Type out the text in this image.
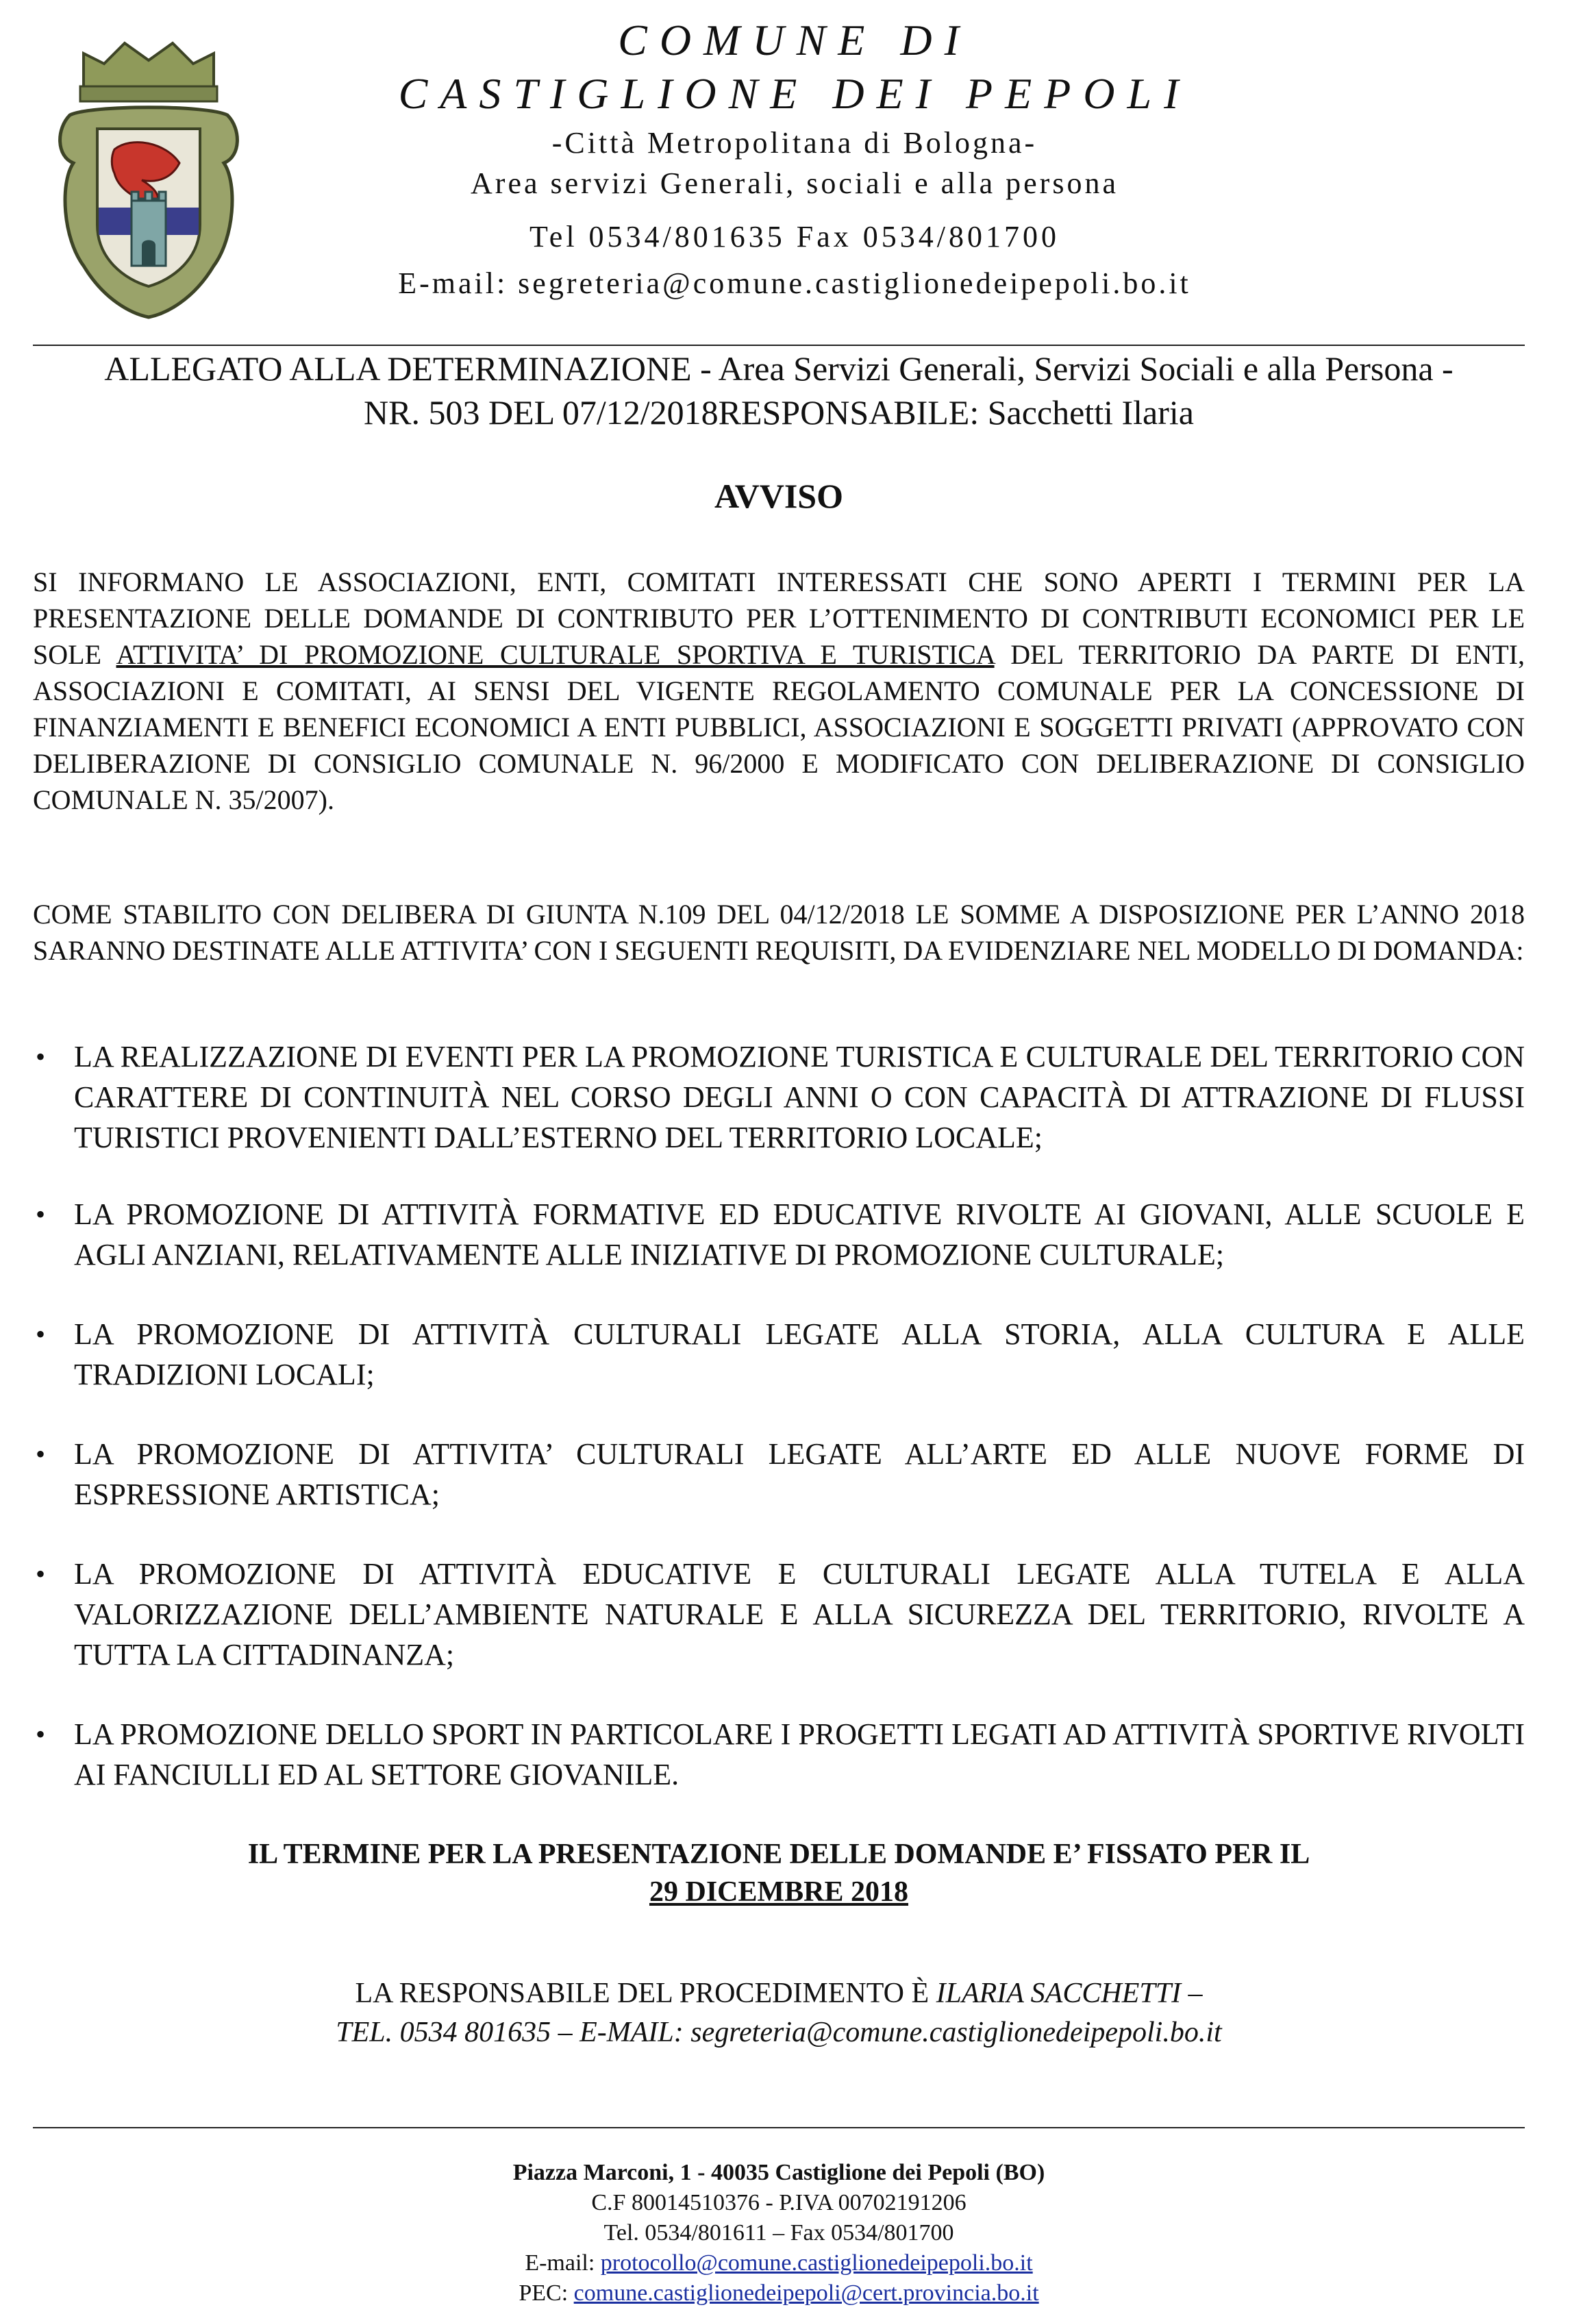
COMUNE DI
CASTIGLIONE DEI PEPOLI
-Città Metropolitana di Bologna-
Area servizi Generali, sociali e alla persona
Tel 0534/801635 Fax 0534/801700
E-mail: segreteria@comune.castiglionedeipepoli.bo.it
ALLEGATO ALLA DETERMINAZIONE - Area Servizi Generali, Servizi Sociali e alla Persona -
NR. 503 DEL 07/12/2018RESPONSABILE: Sacchetti Ilaria
AVVISO
SI INFORMANO LE ASSOCIAZIONI, ENTI, COMITATI INTERESSATI CHE SONO APERTI I TERMINI PER LA PRESENTAZIONE DELLE DOMANDE DI CONTRIBUTO PER L’OTTENIMENTO DI CONTRIBUTI ECONOMICI PER LE SOLE ATTIVITA’ DI PROMOZIONE CULTURALE SPORTIVA E TURISTICA DEL TERRITORIO DA PARTE DI ENTI, ASSOCIAZIONI E COMITATI, AI SENSI DEL VIGENTE REGOLAMENTO COMUNALE PER LA CONCESSIONE DI FINANZIAMENTI E BENEFICI ECONOMICI A ENTI PUBBLICI, ASSOCIAZIONI E SOGGETTI PRIVATI (APPROVATO CON DELIBERAZIONE DI CONSIGLIO COMUNALE N. 96/2000 E MODIFICATO CON DELIBERAZIONE DI CONSIGLIO COMUNALE N. 35/2007).
COME STABILITO CON DELIBERA DI GIUNTA N.109 DEL 04/12/2018 LE SOMME A DISPOSIZIONE PER L’ANNO 2018 SARANNO DESTINATE ALLE ATTIVITA’ CON I SEGUENTI REQUISITI, DA EVIDENZIARE NEL MODELLO DI DOMANDA:
• LA REALIZZAZIONE DI EVENTI PER LA PROMOZIONE TURISTICA E CULTURALE DEL TERRITORIO CON CARATTERE DI CONTINUITÀ NEL CORSO DEGLI ANNI O CON CAPACITÀ DI ATTRAZIONE DI FLUSSI TURISTICI PROVENIENTI DALL’ESTERNO DEL TERRITORIO LOCALE;
• LA PROMOZIONE DI ATTIVITÀ FORMATIVE ED EDUCATIVE RIVOLTE AI GIOVANI, ALLE SCUOLE E AGLI ANZIANI, RELATIVAMENTE ALLE INIZIATIVE DI PROMOZIONE CULTURALE;
• LA PROMOZIONE DI ATTIVITÀ CULTURALI LEGATE ALLA STORIA, ALLA CULTURA E ALLE TRADIZIONI LOCALI;
• LA PROMOZIONE DI ATTIVITA’ CULTURALI LEGATE ALL’ARTE ED ALLE NUOVE FORME DI ESPRESSIONE ARTISTICA;
• LA PROMOZIONE DI ATTIVITÀ EDUCATIVE E CULTURALI LEGATE ALLA TUTELA E ALLA VALORIZZAZIONE DELL’AMBIENTE NATURALE E ALLA SICUREZZA DEL TERRITORIO, RIVOLTE A TUTTA LA CITTADINANZA;
• LA PROMOZIONE DELLO SPORT IN PARTICOLARE I PROGETTI LEGATI AD ATTIVITÀ SPORTIVE RIVOLTI AI FANCIULLI ED AL SETTORE GIOVANILE.
IL TERMINE PER LA PRESENTAZIONE DELLE DOMANDE E’ FISSATO PER IL
29 DICEMBRE 2018
LA RESPONSABILE DEL PROCEDIMENTO È ILARIA SACCHETTI –
TEL. 0534 801635 – E-MAIL: segreteria@comune.castiglionedeipepoli.bo.it
Piazza Marconi, 1 - 40035 Castiglione dei Pepoli (BO)
C.F 80014510376 - P.IVA 00702191206
Tel. 0534/801611 – Fax 0534/801700
E-mail: protocollo@comune.castiglionedeipepoli.bo.it
PEC: comune.castiglionedeipepoli@cert.provincia.bo.it
